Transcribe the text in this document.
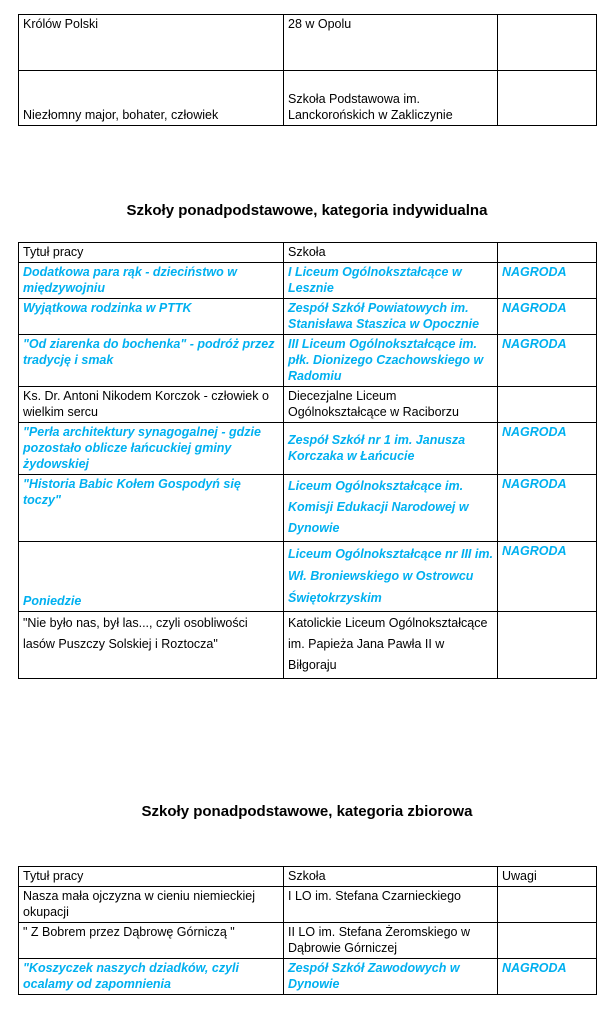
Królów Polski	28 w Opolu	
Niezłomny major, bohater, człowiek	Szkoła Podstawowa im. Lanckorońskich w Zakliczynie	
Szkoły ponadpodstawowe, kategoria indywidualna
Tytuł pracy	Szkoła	
Dodatkowa para rąk - dzieciństwo w międzywojniu	I Liceum Ogólnokształcące w Lesznie	NAGRODA
Wyjątkowa rodzinka w PTTK	Zespół Szkół Powiatowych im. Stanisława Staszica w Opocznie	NAGRODA
"Od ziarenka do bochenka" - podróż przez tradycję i smak	III Liceum Ogólnokształcące im. płk. Dionizego Czachowskiego w Radomiu	NAGRODA
Ks. Dr. Antoni Nikodem Korczok - człowiek o wielkim sercu	Diecezjalne Liceum Ogólnokształcące w Raciborzu	
"Perła architektury synagogalnej - gdzie pozostało oblicze łańcuckiej gminy żydowskiej	Zespół Szkół nr 1 im. Janusza Korczaka w Łańcucie	NAGRODA
"Historia Babic Kołem Gospodyń się toczy"	Liceum Ogólnokształcące im. Komisji Edukacji Narodowej w Dynowie	NAGRODA
Poniedzie	Liceum Ogólnokształcące nr III im. Wł. Broniewskiego w Ostrowcu Świętokrzyskim	NAGRODA
"Nie było nas, był las..., czyli osobliwości lasów Puszczy Solskiej i Roztocza"	Katolickie Liceum Ogólnokształcące im. Papieża Jana Pawła II w Biłgoraju	
Szkoły ponadpodstawowe, kategoria zbiorowa
Tytuł pracy	Szkoła	Uwagi
Nasza mała ojczyzna w cieniu niemieckiej okupacji	I LO im. Stefana Czarnieckiego	
" Z Bobrem przez Dąbrowę Górniczą "	II LO im. Stefana Żeromskiego w Dąbrowie Górniczej	
"Koszyczek naszych dziadków, czyli ocalamy od zapomnienia	Zespół Szkół Zawodowych w Dynowie	NAGRODA
